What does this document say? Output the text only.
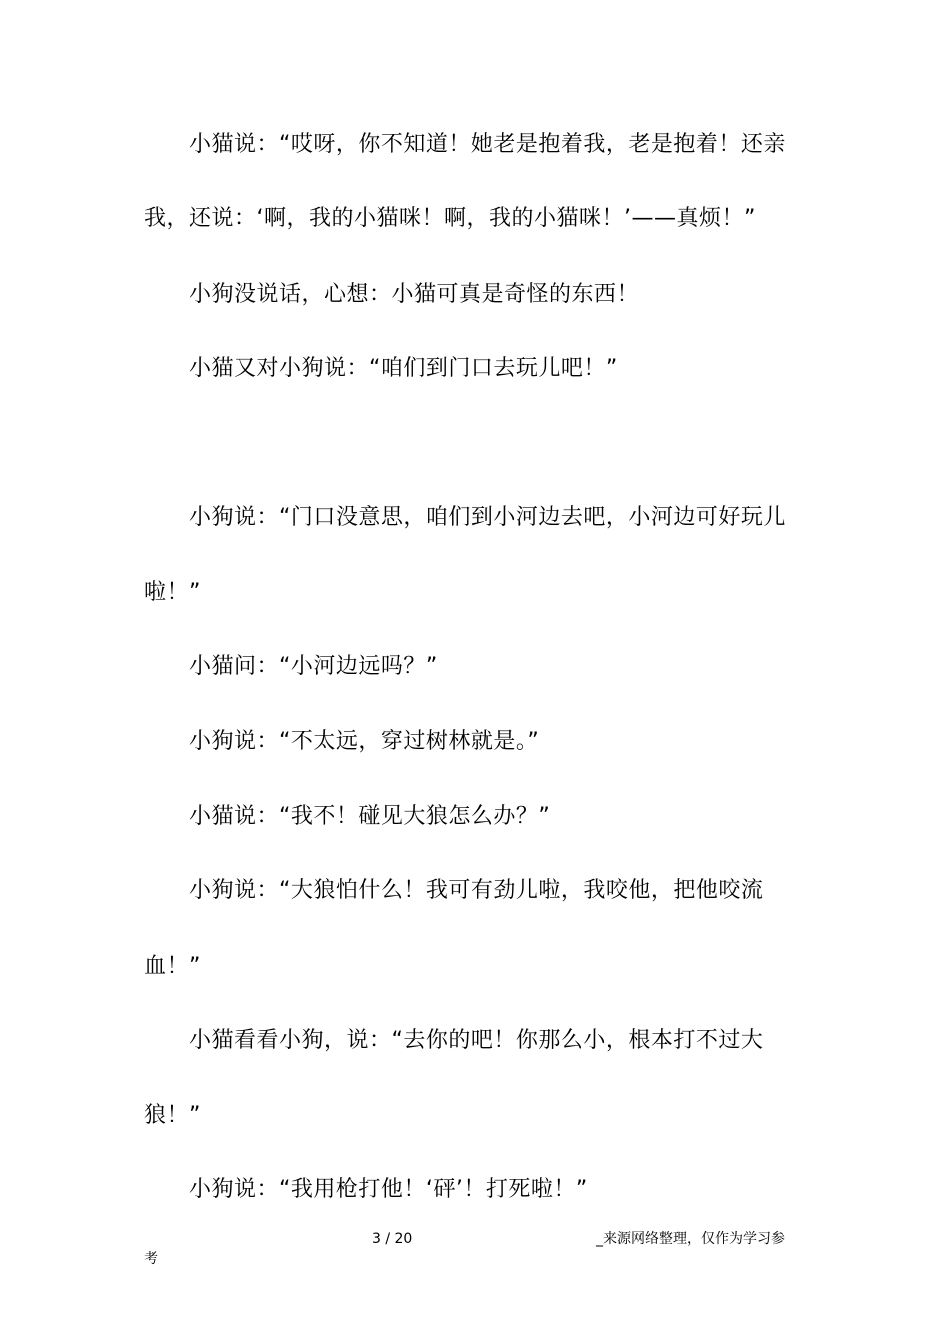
小猫说：“哎呀，你不知道！她老是抱着我，老是抱着！还亲
我，还说：‘啊，我的小猫咪！啊，我的小猫咪！’——真烦！”
小狗没说话，心想：小猫可真是奇怪的东西！
小猫又对小狗说：“咱们到门口去玩儿吧！”
小狗说：“门口没意思，咱们到小河边去吧，小河边可好玩儿
啦！”
小猫问：“小河边远吗？”
小狗说：“不太远，穿过树林就是。”
小猫说：“我不！碰见大狼怎么办？”
小狗说：“大狼怕什么！我可有劲儿啦，我咬他，把他咬流
血！”
小猫看看小狗，说：“去你的吧！你那么小，根本打不过大
狼！”
小狗说：“我用枪打他！‘砰’！打死啦！”
3 / 20	_来源网络整理，仅作为学习参
考
